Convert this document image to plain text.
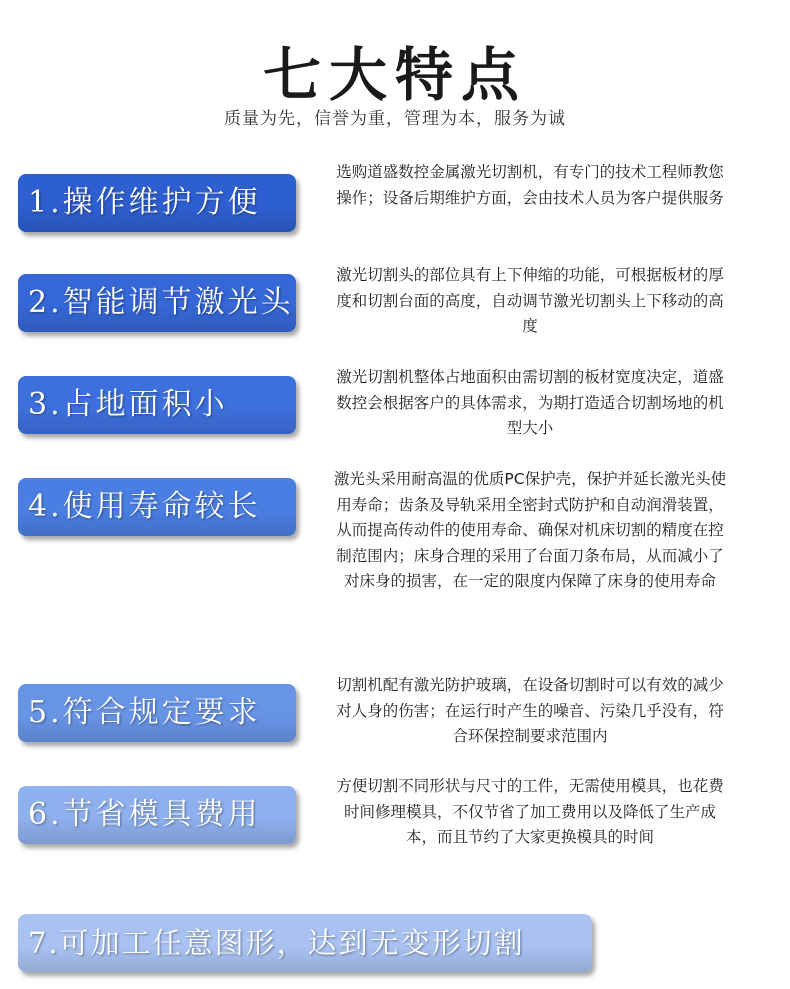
七大特点
质量为先，信誉为重，管理为本，服务为诚
1.操作维护方便
选购道盛数控金属激光切割机，有专门的技术工程师教您操作；设备后期维护方面，会由技术人员为客户提供服务
2.智能调节激光头
激光切割头的部位具有上下伸缩的功能，可根据板材的厚度和切割台面的高度，自动调节激光切割头上下移动的高度
3.占地面积小
激光切割机整体占地面积由需切割的板材宽度决定，道盛数控会根据客户的具体需求，为期打造适合切割场地的机型大小
4.使用寿命较长
激光头采用耐高温的优质PC保护壳，保护并延长激光头使用寿命；齿条及导轨采用全密封式防护和自动润滑装置，从而提高传动件的使用寿命、确保对机床切割的精度在控制范围内；床身合理的采用了台面刀条布局，从而减小了对床身的损害，在一定的限度内保障了床身的使用寿命
5.符合规定要求
切割机配有激光防护玻璃，在设备切割时可以有效的减少对人身的伤害；在运行时产生的噪音、污染几乎没有，符合环保控制要求范围内
6.节省模具费用
方便切割不同形状与尺寸的工件，无需使用模具，也花费时间修理模具，不仅节省了加工费用以及降低了生产成本，而且节约了大家更换模具的时间
7.可加工任意图形，达到无变形切割
